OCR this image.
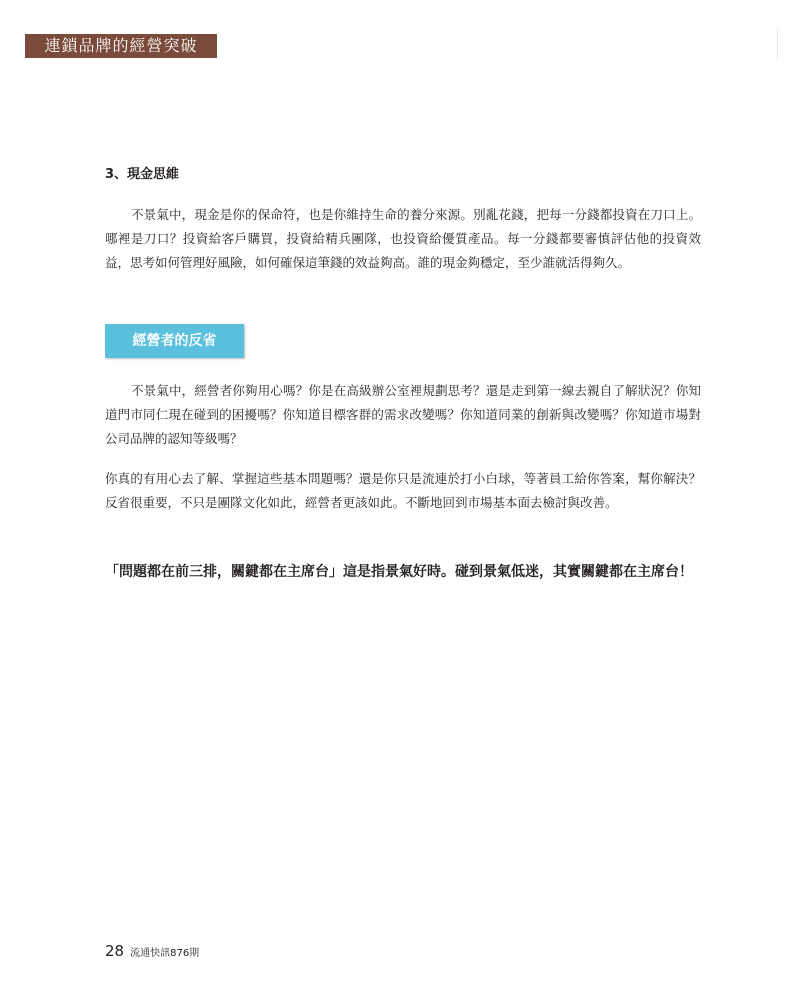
連鎖品牌的經營突破
3、現金思維

不景氣中，現金是你的保命符，也是你維持生命的養分來源。別亂花錢，把每一分錢都投資在刀口上。哪裡是刀口？投資給客戶購買，投資給精兵團隊，也投資給優質產品。每一分錢都要審慎評估他的投資效益，思考如何管理好風險，如何確保這筆錢的效益夠高。誰的現金夠穩定，至少誰就活得夠久。

經營者的反省

不景氣中，經營者你夠用心嗎？你是在高級辦公室裡規劃思考？還是走到第一線去親自了解狀況？你知道門市同仁現在碰到的困擾嗎？你知道目標客群的需求改變嗎？你知道同業的創新與改變嗎？你知道市場對公司品牌的認知等級嗎？

你真的有用心去了解、掌握這些基本問題嗎？還是你只是流連於打小白球，等著員工給你答案，幫你解決？反省很重要，不只是團隊文化如此，經營者更該如此。不斷地回到市場基本面去檢討與改善。

「問題都在前三排，關鍵都在主席台」這是指景氣好時。碰到景氣低迷，其實關鍵都在主席台！

28 流通快訊876期
